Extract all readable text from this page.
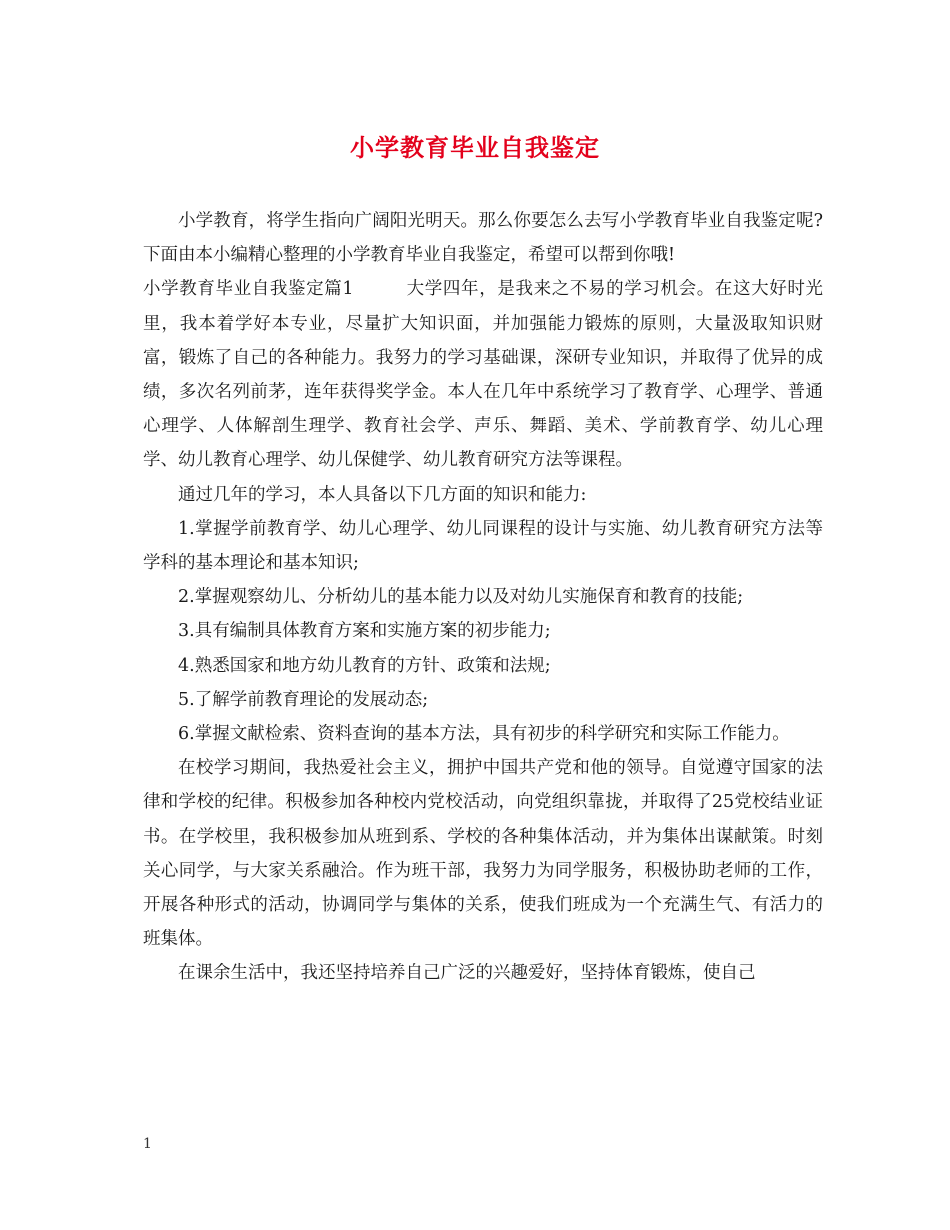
小学教育毕业自我鉴定

小学教育，将学生指向广阔阳光明天。那么你要怎么去写小学教育毕业自我鉴定呢?下面由本小编精心整理的小学教育毕业自我鉴定，希望可以帮到你哦!

小学教育毕业自我鉴定篇1	大学四年，是我来之不易的学习机会。在这大好时光里，我本着学好本专业，尽量扩大知识面，并加强能力锻炼的原则，大量汲取知识财富，锻炼了自己的各种能力。我努力的学习基础课，深研专业知识，并取得了优异的成绩，多次名列前茅，连年获得奖学金。本人在几年中系统学习了教育学、心理学、普通心理学、人体解剖生理学、教育社会学、声乐、舞蹈、美术、学前教育学、幼儿心理学、幼儿教育心理学、幼儿保健学、幼儿教育研究方法等课程。

通过几年的学习，本人具备以下几方面的知识和能力:

1.掌握学前教育学、幼儿心理学、幼儿同课程的设计与实施、幼儿教育研究方法等学科的基本理论和基本知识;

2.掌握观察幼儿、分析幼儿的基本能力以及对幼儿实施保育和教育的技能;

3.具有编制具体教育方案和实施方案的初步能力;

4.熟悉国家和地方幼儿教育的方针、政策和法规;

5.了解学前教育理论的发展动态;

6.掌握文献检索、资料查询的基本方法，具有初步的科学研究和实际工作能力。

在校学习期间，我热爱社会主义，拥护中国共产党和他的领导。自觉遵守国家的法律和学校的纪律。积极参加各种校内党校活动，向党组织靠拢，并取得了25党校结业证书。在学校里，我积极参加从班到系、学校的各种集体活动，并为集体出谋献策。时刻关心同学，与大家关系融洽。作为班干部，我努力为同学服务，积极协助老师的工作，开展各种形式的活动，协调同学与集体的关系，使我们班成为一个充满生气、有活力的班集体。

在课余生活中，我还坚持培养自己广泛的兴趣爱好，坚持体育锻炼，使自己

1
